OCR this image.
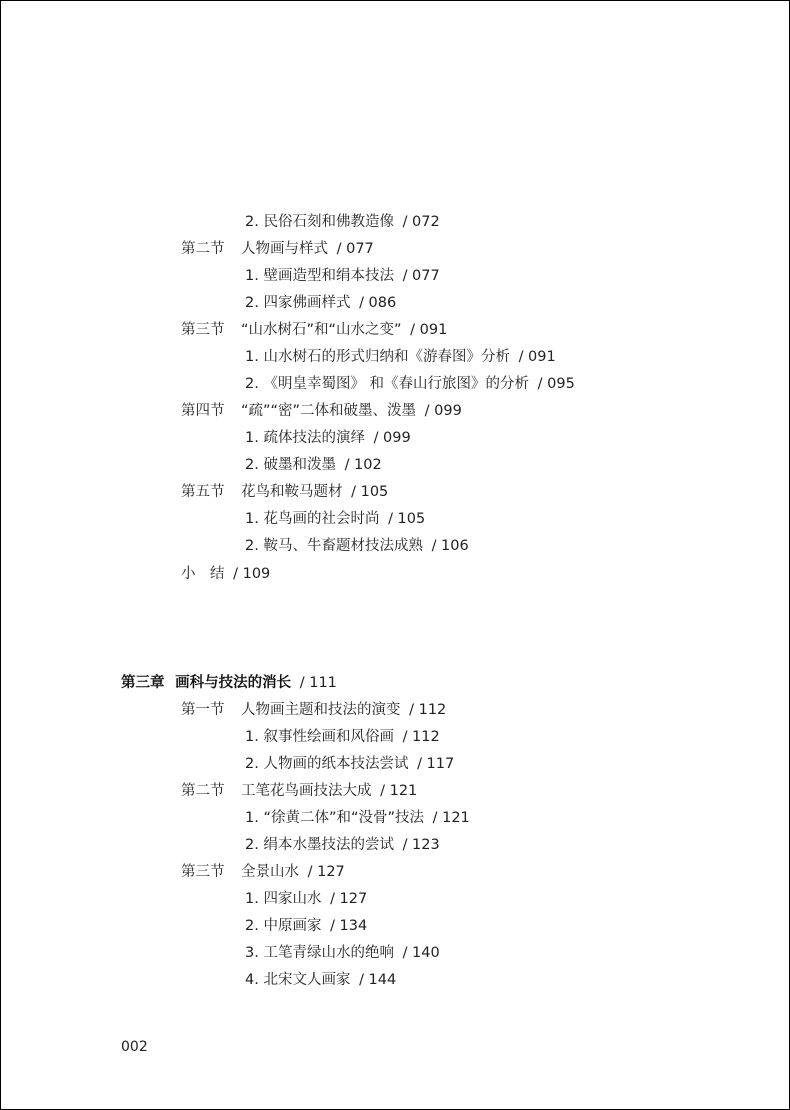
2. 民俗石刻和佛教造像 / 072
第二节 人物画与样式 / 077
1. 壁画造型和绢本技法 / 077
2. 四家佛画样式 / 086
第三节 “山水树石”和“山水之变” / 091
1. 山水树石的形式归纳和《游春图》分析 / 091
2. 《明皇幸蜀图》 和《春山行旅图》的分析 / 095
第四节 “疏”“密”二体和破墨、泼墨 / 099
1. 疏体技法的演绎 / 099
2. 破墨和泼墨 / 102
第五节 花鸟和鞍马题材 / 105
1. 花鸟画的社会时尚 / 105
2. 鞍马、牛畜题材技法成熟 / 106
小　结 / 109
第三章 画科与技法的消长 / 111
第一节 人物画主题和技法的演变 / 112
1. 叙事性绘画和风俗画 / 112
2. 人物画的纸本技法尝试 / 117
第二节 工笔花鸟画技法大成 / 121
1. “徐黄二体”和“没骨”技法 / 121
2. 绢本水墨技法的尝试 / 123
第三节 全景山水 / 127
1. 四家山水 / 127
2. 中原画家 / 134
3. 工笔青绿山水的绝响 / 140
4. 北宋文人画家 / 144
002
